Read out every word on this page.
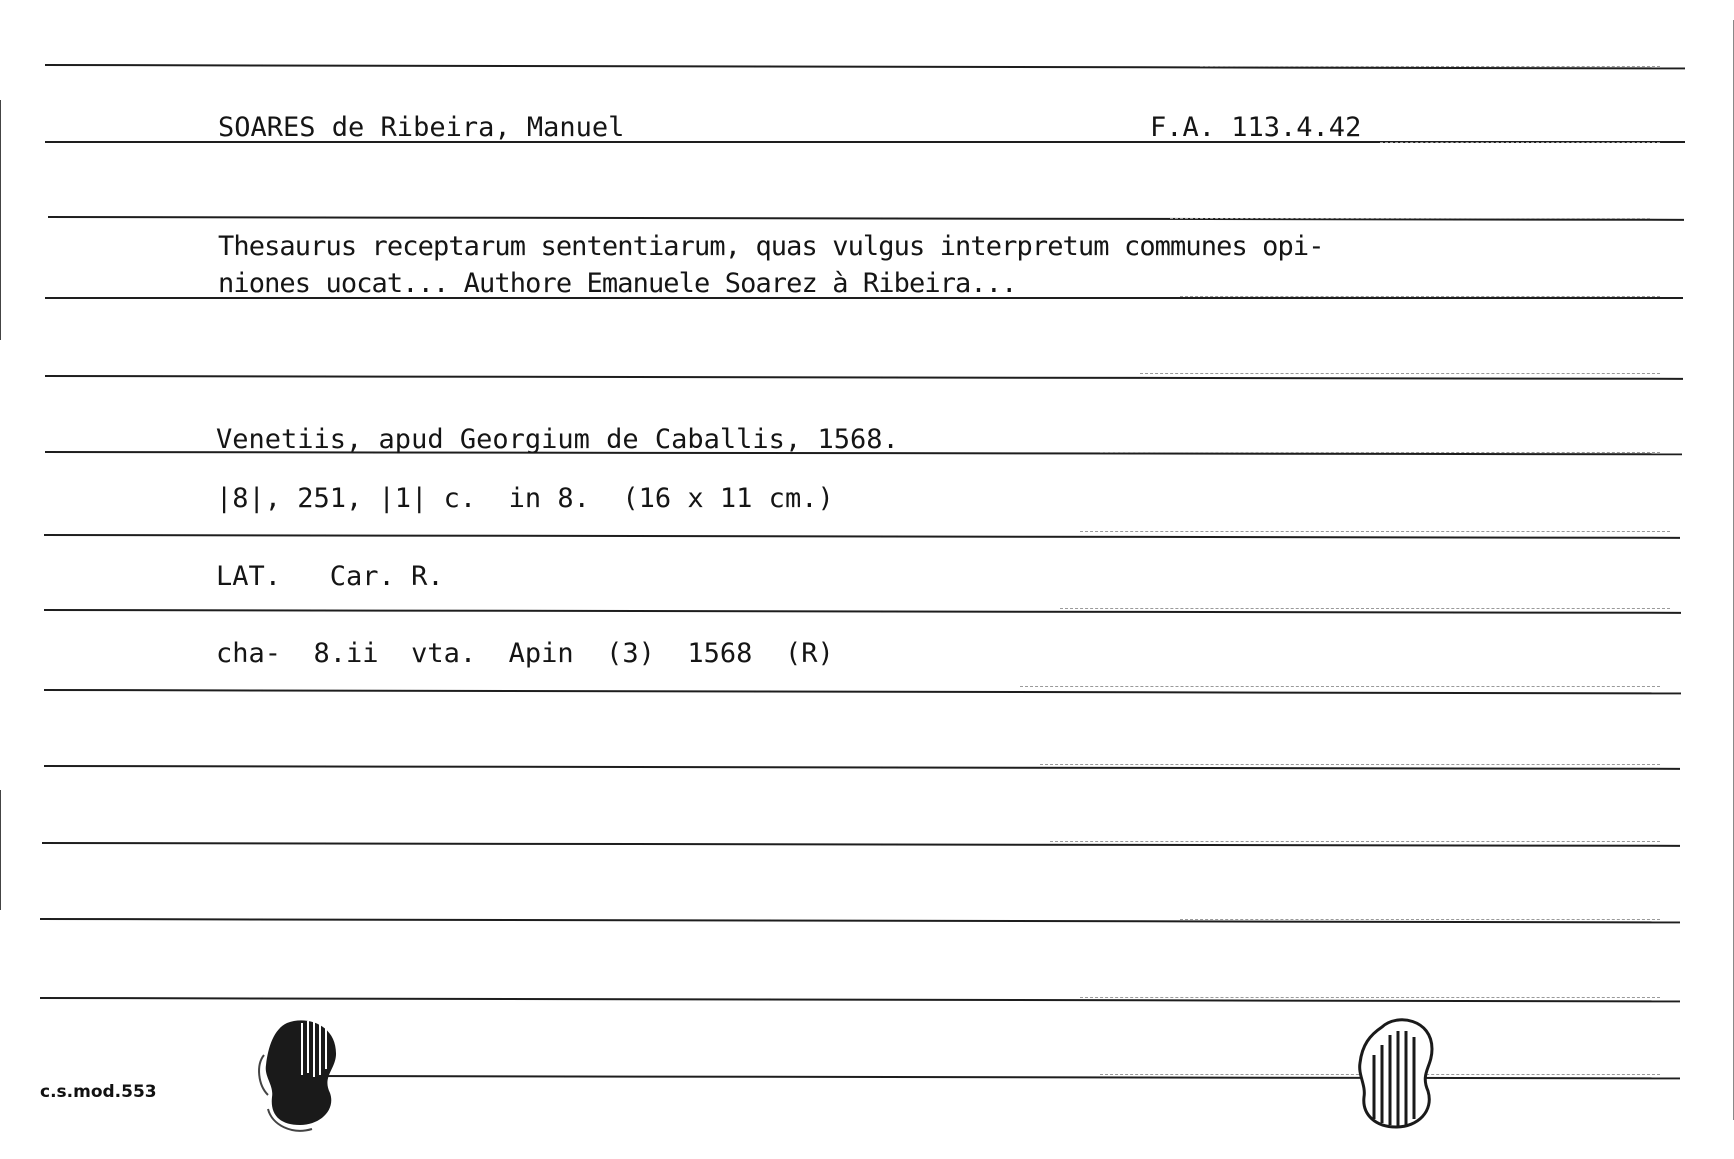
SOARES de Ribeira, Manuel	F.A. 113.4.42
Thesaurus receptarum sententiarum, quas vulgus interpretum communes opi-
niones uocat... Authore Emanuele Soarez à Ribeira...
Venetiis, apud Georgium de Caballis, 1568.
|8|, 251, |1| c.  in 8.  (16 x 11 cm.)
LAT.   Car. R.
cha-  8.ii  vta.  Apin  (3)  1568  (R)
c.s.mod.553
